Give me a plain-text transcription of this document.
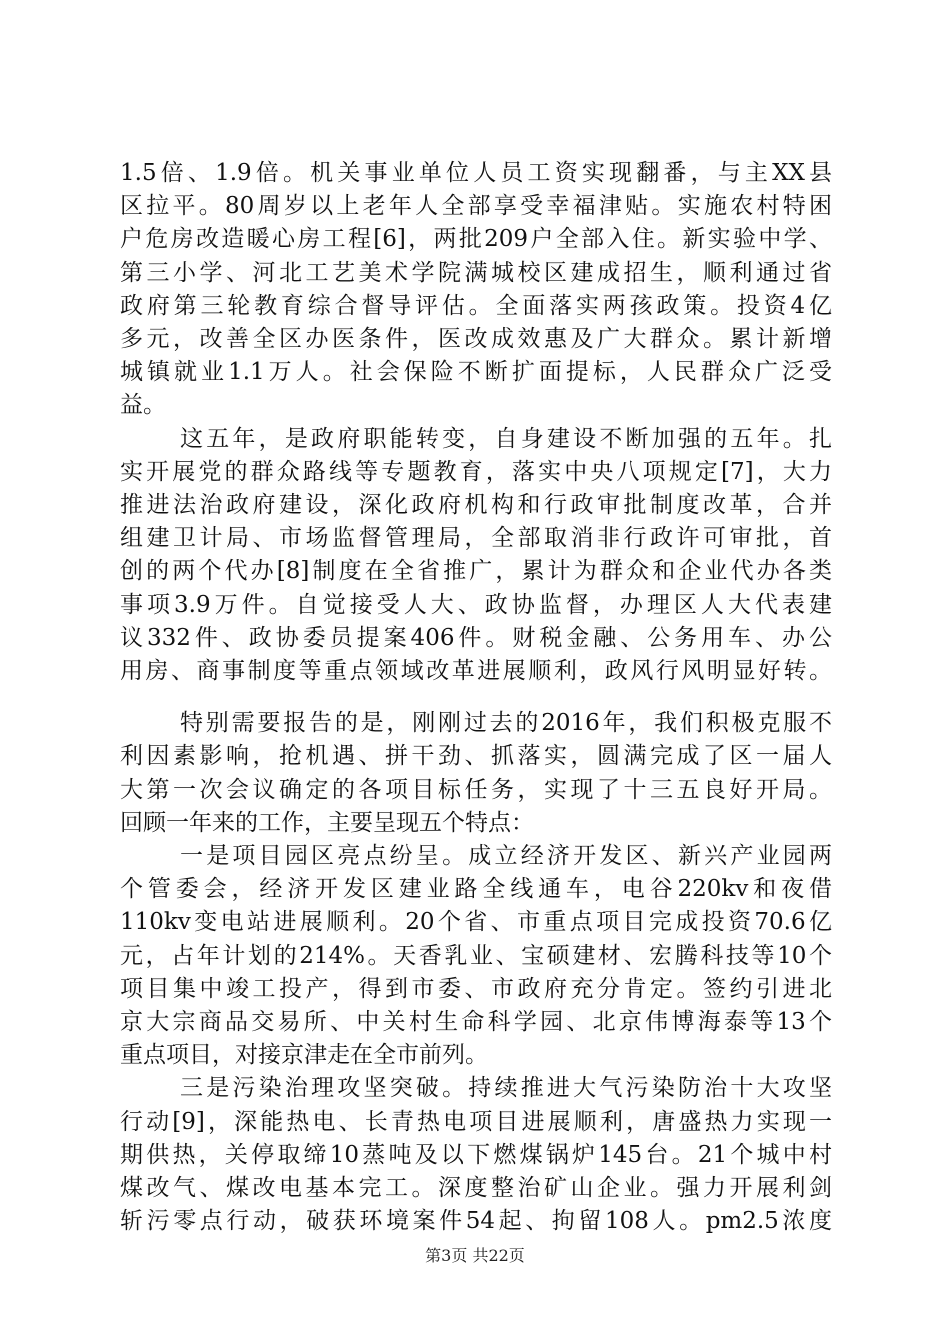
1.5倍、1.9倍。机关事业单位人员工资实现翻番，与主XX县
区拉平。80周岁以上老年人全部享受幸福津贴。实施农村特困
户危房改造暖心房工程[6]，两批209户全部入住。新实验中学、
第三小学、河北工艺美术学院满城校区建成招生，顺利通过省
政府第三轮教育综合督导评估。全面落实两孩政策。投资4亿
多元，改善全区办医条件，医改成效惠及广大群众。累计新增
城镇就业1.1万人。社会保险不断扩面提标，人民群众广泛受
益。
这五年，是政府职能转变，自身建设不断加强的五年。扎
实开展党的群众路线等专题教育，落实中央八项规定[7]，大力
推进法治政府建设，深化政府机构和行政审批制度改革，合并
组建卫计局、市场监督管理局，全部取消非行政许可审批，首
创的两个代办[8]制度在全省推广，累计为群众和企业代办各类
事项3.9万件。自觉接受人大、政协监督，办理区人大代表建
议332件、政协委员提案406件。财税金融、公务用车、办公
用房、商事制度等重点领域改革进展顺利，政风行风明显好转。
特别需要报告的是，刚刚过去的2016年，我们积极克服不
利因素影响，抢机遇、拼干劲、抓落实，圆满完成了区一届人
大第一次会议确定的各项目标任务，实现了十三五良好开局。
回顾一年来的工作，主要呈现五个特点：
一是项目园区亮点纷呈。成立经济开发区、新兴产业园两
个管委会，经济开发区建业路全线通车，电谷220kv和夜借
110kv变电站进展顺利。20个省、市重点项目完成投资70.6亿
元，占年计划的214%。天香乳业、宝硕建材、宏腾科技等10个
项目集中竣工投产，得到市委、市政府充分肯定。签约引进北
京大宗商品交易所、中关村生命科学园、北京伟博海泰等13个
重点项目，对接京津走在全市前列。
三是污染治理攻坚突破。持续推进大气污染防治十大攻坚
行动[9]，深能热电、长青热电项目进展顺利，唐盛热力实现一
期供热，关停取缔10蒸吨及以下燃煤锅炉145台。21个城中村
煤改气、煤改电基本完工。深度整治矿山企业。强力开展利剑
斩污零点行动，破获环境案件54起、拘留108人。pm2.5浓度
第3页 共22页
